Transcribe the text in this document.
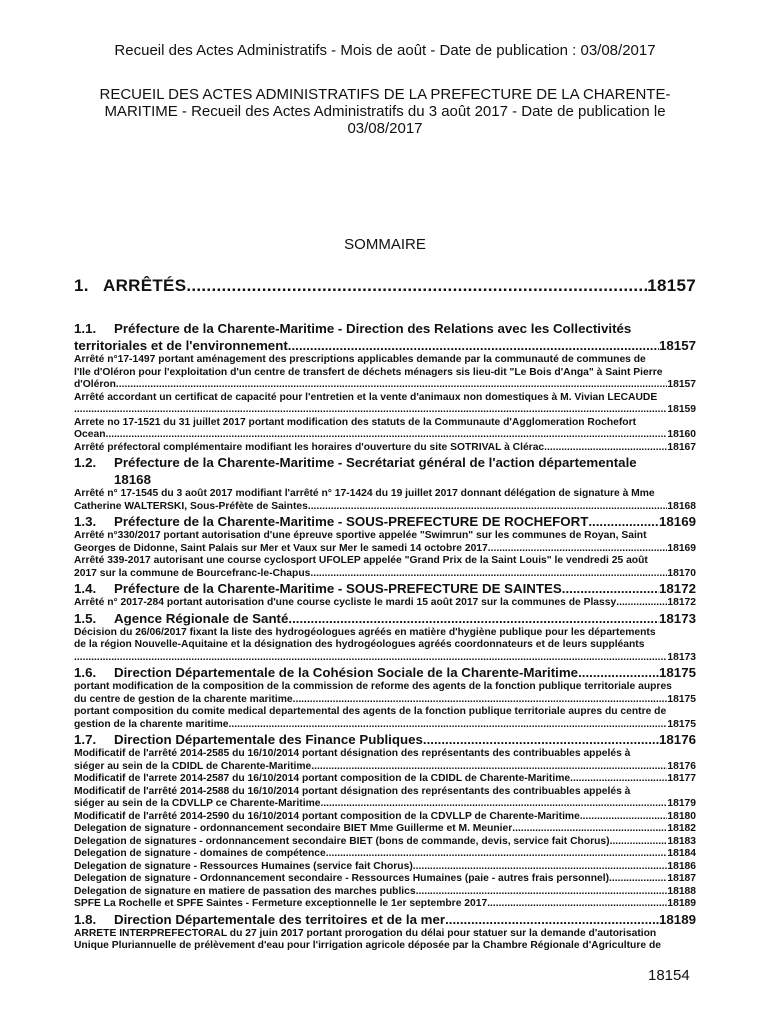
Recueil des Actes Administratifs - Mois de août - Date de publication : 03/08/2017
RECUEIL DES ACTES ADMINISTRATIFS DE LA PREFECTURE DE LA CHARENTE-
MARITIME - Recueil des Actes Administratifs du 3 août 2017 - Date de publication le
03/08/2017
SOMMAIRE
1. ARRÊTÉS .....	18157
1.1.	Préfecture de la Charente-Maritime - Direction des Relations avec les Collectivités
territoriales et de l'environnement .....	18157
Arrêté n°17-1497 portant aménagement des prescriptions applicables demande par la communauté de communes de
l'Ile d'Oléron pour l'exploitation d'un centre de transfert de déchets ménagers sis lieu-dit "Le Bois d'Anga" à Saint Pierre
d'Oléron .....	18157
Arrêté accordant un certificat de capacité pour l'entretien et la vente d'animaux non domestiques à M. Vivian LECAUDE
.....
18159
Arrete no 17-1521 du 31 juillet 2017 portant modification des statuts de la Communaute d'Agglomeration Rochefort
Ocean .....	18160
Arrêté préfectoral complémentaire modifiant les horaires d'ouverture du site SOTRIVAL à Clérac .....	18167
1.2.	Préfecture de la Charente-Maritime - Secrétariat général de l'action départementale
18168
Arrêté n° 17-1545 du 3 août 2017 modifiant l'arrêté n° 17-1424 du 19 juillet 2017 donnant délégation de signature à Mme
Catherine WALTERSKI, Sous-Préfète de Saintes .....	18168
1.3.	Préfecture de la Charente-Maritime - SOUS-PREFECTURE DE ROCHEFORT .....	18169
Arrêté n°330/2017 portant autorisation d'une épreuve sportive appelée "Swimrun" sur les communes de Royan, Saint
Georges de Didonne, Saint Palais sur Mer et Vaux sur Mer le samedi 14 octobre 2017 .....	18169
Arrêté 339-2017 autorisant une course cyclosport UFOLEP appelée "Grand Prix de la Saint Louis" le vendredi 25 août
2017 sur la commune de Bourcefranc-le-Chapus .....	18170
1.4.	Préfecture de la Charente-Maritime - SOUS-PREFECTURE DE SAINTES .....	18172
Arrêté n° 2017-284 portant autorisation d'une course cycliste le mardi 15 août 2017 sur la communes de Plassy .....	18172
1.5.	Agence Régionale de Santé .....	18173
Décision du 26/06/2017 fixant la liste des hydrogéologues agréés en matière d'hygiène publique pour les départements
de la région Nouvelle-Aquitaine et la désignation des hydrogéologues agréés coordonnateurs et de leurs suppléants
.....
18173
1.6.	Direction Départementale de la Cohésion Sociale de la Charente-Maritime .....	18175
portant modification de la composition de la commission de reforme des agents de la fonction publique territoriale aupres
du centre de gestion de la charente maritime .....	18175
portant composition du comite medical departemental des agents de la fonction publique territoriale aupres du centre de
gestion de la charente maritime .....	18175
1.7.	Direction Départementale des Finance Publiques .....	18176
Modificatif de l'arrêté 2014-2585 du 16/10/2014 portant désignation des représentants des contribuables appelés à
siéger au sein de la CDIDL de Charente-Maritime .....	18176
Modificatif de l'arrete 2014-2587 du 16/10/2014 portant composition de la CDIDL de Charente-Maritime .....	18177
Modificatif de l'arrêté 2014-2588 du 16/10/2014 portant désignation des représentants des contribuables appelés à
siéger au sein de la CDVLLP ce Charente-Maritime .....	18179
Modificatif de l'arrêté 2014-2590 du 16/10/2014 portant composition de la CDVLLP de Charente-Maritime .....	18180
Delegation de signature - ordonnancement secondaire BIET Mme Guillerme et M. Meunier .....	18182
Delegation de signatures - ordonnancement secondaire BIET (bons de commande, devis, service fait Chorus) .....	18183
Delegation de signature - domaines de compétence .....	18184
Delegation de signature - Ressources Humaines (service fait Chorus) .....	18186
Delegation de signature - Ordonnancement secondaire - Ressources Humaines (paie - autres frais personnel) .....	18187
Delegation de signature en matiere de passation des marches publics .....	18188
SPFE La Rochelle et SPFE Saintes - Fermeture exceptionnelle le 1er septembre 2017 .....	18189
1.8.	Direction Départementale des territoires et de la mer .....	18189
ARRETE INTERPREFECTORAL du 27 juin 2017 portant prorogation du délai pour statuer sur la demande d'autorisation
Unique Pluriannuelle de prélèvement d'eau pour l'irrigation agricole déposée par la Chambre Régionale d'Agriculture de
18154
